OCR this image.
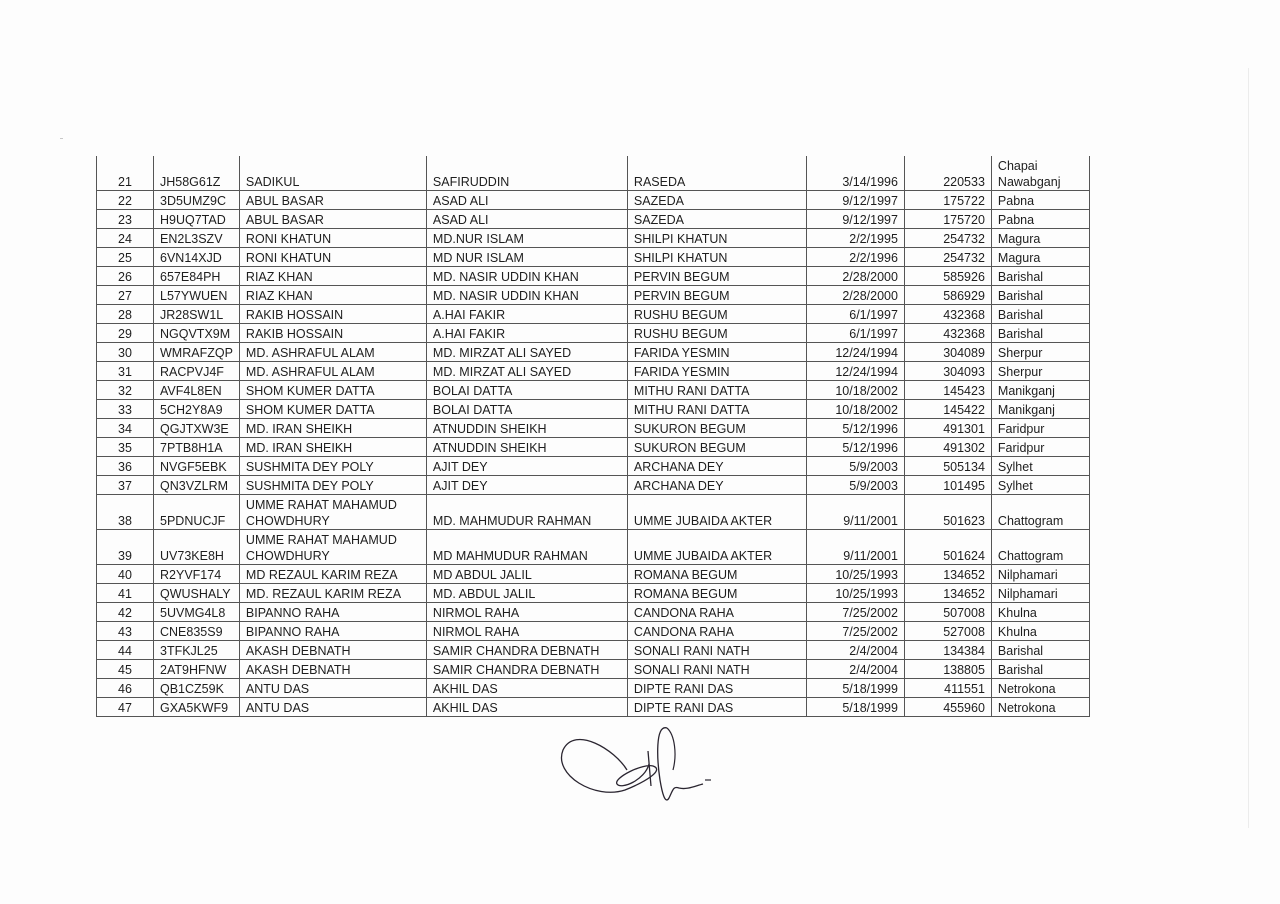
21	JH58G61Z	SADIKUL	SAFIRUDDIN	RASEDA	3/14/1996	220533	Chapai Nawabganj
22	3D5UMZ9C	ABUL BASAR	ASAD ALI	SAZEDA	9/12/1997	175722	Pabna
23	H9UQ7TAD	ABUL BASAR	ASAD ALI	SAZEDA	9/12/1997	175720	Pabna
24	EN2L3SZV	RONI KHATUN	MD.NUR ISLAM	SHILPI KHATUN	2/2/1995	254732	Magura
25	6VN14XJD	RONI KHATUN	MD NUR ISLAM	SHILPI KHATUN	2/2/1996	254732	Magura
26	657E84PH	RIAZ KHAN	MD. NASIR UDDIN KHAN	PERVIN BEGUM	2/28/2000	585926	Barishal
27	L57YWUEN	RIAZ KHAN	MD. NASIR UDDIN KHAN	PERVIN BEGUM	2/28/2000	586929	Barishal
28	JR28SW1L	RAKIB HOSSAIN	A.HAI FAKIR	RUSHU BEGUM	6/1/1997	432368	Barishal
29	NGQVTX9M	RAKIB HOSSAIN	A.HAI FAKIR	RUSHU BEGUM	6/1/1997	432368	Barishal
30	WMRAFZQP	MD. ASHRAFUL ALAM	MD. MIRZAT ALI SAYED	FARIDA YESMIN	12/24/1994	304089	Sherpur
31	RACPVJ4F	MD. ASHRAFUL ALAM	MD. MIRZAT ALI SAYED	FARIDA YESMIN	12/24/1994	304093	Sherpur
32	AVF4L8EN	SHOM KUMER DATTA	BOLAI DATTA	MITHU RANI DATTA	10/18/2002	145423	Manikganj
33	5CH2Y8A9	SHOM KUMER DATTA	BOLAI DATTA	MITHU RANI DATTA	10/18/2002	145422	Manikganj
34	QGJTXW3E	MD. IRAN SHEIKH	ATNUDDIN SHEIKH	SUKURON BEGUM	5/12/1996	491301	Faridpur
35	7PTB8H1A	MD. IRAN SHEIKH	ATNUDDIN SHEIKH	SUKURON BEGUM	5/12/1996	491302	Faridpur
36	NVGF5EBK	SUSHMITA DEY POLY	AJIT DEY	ARCHANA DEY	5/9/2003	505134	Sylhet
37	QN3VZLRM	SUSHMITA DEY POLY	AJIT DEY	ARCHANA DEY	5/9/2003	101495	Sylhet
38	5PDNUCJF	UMME RAHAT MAHAMUD CHOWDHURY	MD. MAHMUDUR RAHMAN	UMME JUBAIDA AKTER	9/11/2001	501623	Chattogram
39	UV73KE8H	UMME RAHAT MAHAMUD CHOWDHURY	MD MAHMUDUR RAHMAN	UMME JUBAIDA AKTER	9/11/2001	501624	Chattogram
40	R2YVF174	MD REZAUL KARIM REZA	MD ABDUL JALIL	ROMANA BEGUM	10/25/1993	134652	Nilphamari
41	QWUSHALY	MD. REZAUL KARIM REZA	MD. ABDUL JALIL	ROMANA BEGUM	10/25/1993	134652	Nilphamari
42	5UVMG4L8	BIPANNO RAHA	NIRMOL RAHA	CANDONA RAHA	7/25/2002	507008	Khulna
43	CNE835S9	BIPANNO RAHA	NIRMOL RAHA	CANDONA RAHA	7/25/2002	527008	Khulna
44	3TFKJL25	AKASH DEBNATH	SAMIR CHANDRA DEBNATH	SONALI RANI NATH	2/4/2004	134384	Barishal
45	2AT9HFNW	AKASH DEBNATH	SAMIR CHANDRA DEBNATH	SONALI RANI NATH	2/4/2004	138805	Barishal
46	QB1CZ59K	ANTU DAS	AKHIL DAS	DIPTE RANI DAS	5/18/1999	411551	Netrokona
47	GXA5KWF9	ANTU DAS	AKHIL DAS	DIPTE RANI DAS	5/18/1999	455960	Netrokona
